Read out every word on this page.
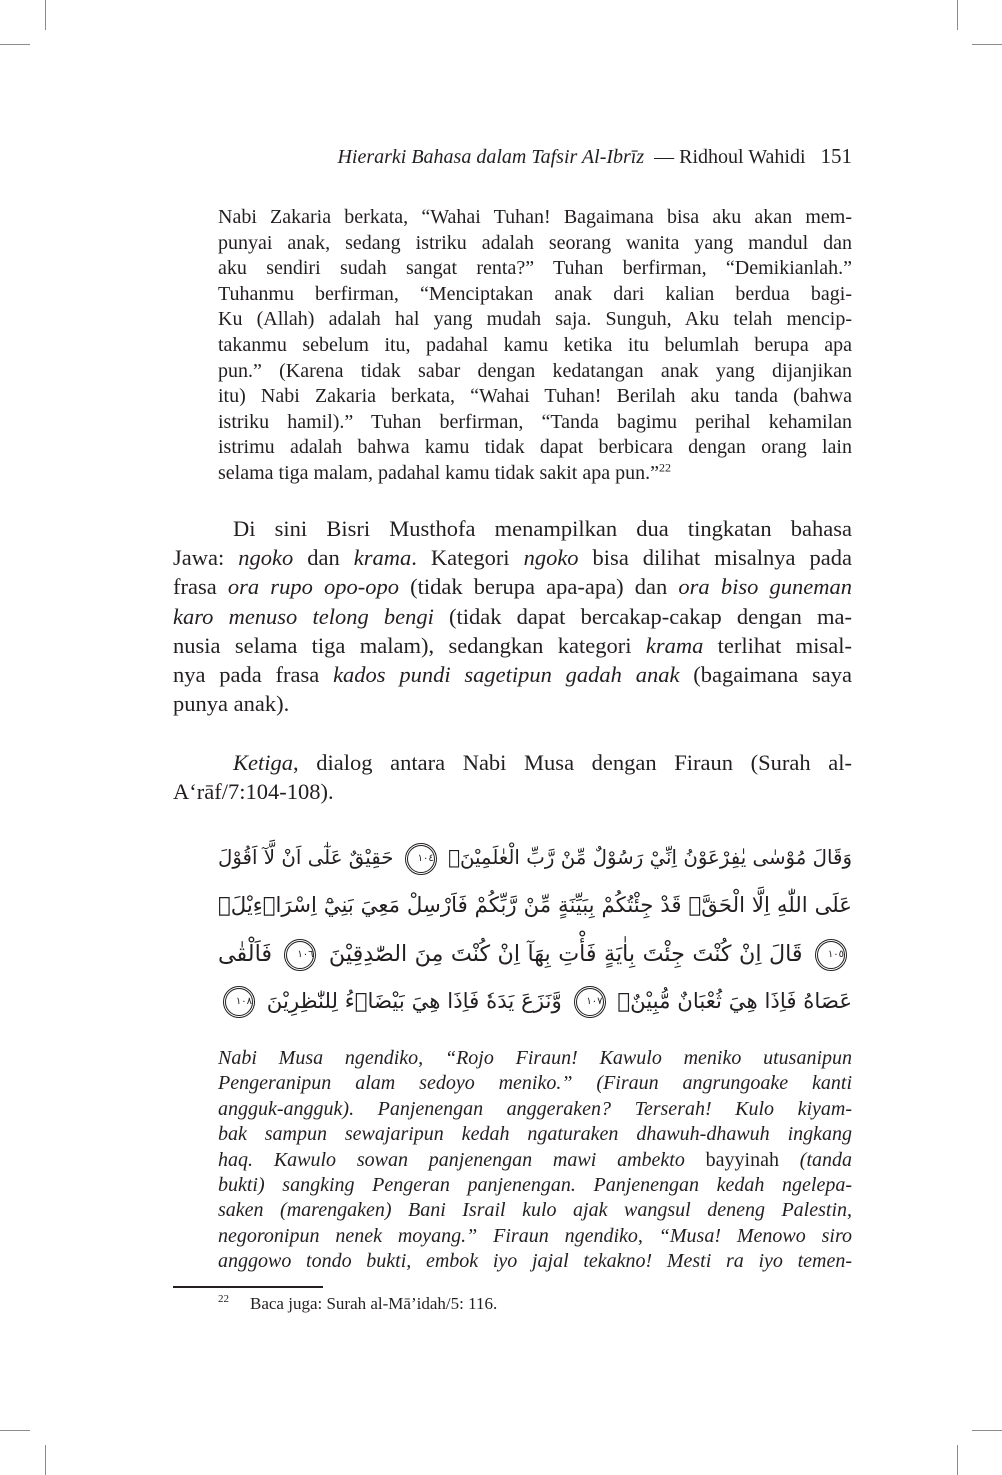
Hierarki Bahasa dalam Tafsir Al-Ibrīz — Ridhoul Wahidi 151
Nabi Zakaria berkata, “Wahai Tuhan! Bagaimana bisa aku akan mem-
punyai anak, sedang istriku adalah seorang wanita yang mandul dan
aku sendiri sudah sangat renta?” Tuhan berfirman, “Demikianlah.”
Tuhanmu berfirman, “Menciptakan anak dari kalian berdua bagi-
Ku (Allah) adalah hal yang mudah saja. Sunguh, Aku telah mencip-
takanmu sebelum itu, padahal kamu ketika itu belumlah berupa apa
pun.” (Karena tidak sabar dengan kedatangan anak yang dijanjikan
itu) Nabi Zakaria berkata, “Wahai Tuhan! Berilah aku tanda (bahwa
istriku hamil).” Tuhan berfirman, “Tanda bagimu perihal kehamilan
istrimu adalah bahwa kamu tidak dapat berbicara dengan orang lain
selama tiga malam, padahal kamu tidak sakit apa pun.”$^{22}$
Di sini Bisri Musthofa menampilkan dua tingkatan bahasa
Jawa: ngoko dan krama. Kategori ngoko bisa dilihat misalnya pada
frasa ora rupo opo-opo (tidak berupa apa-apa) dan ora biso guneman
karo menuso telong bengi (tidak dapat bercakap-cakap dengan ma-
nusia selama tiga malam), sedangkan kategori krama terlihat misal-
nya pada frasa kados pundi sagetipun gadah anak (bagaimana saya
punya anak).
Ketiga, dialog antara Nabi Musa dengan Firaun (Surah al-
A‘rāf/7:104-108).
وَقَالَ مُوْسٰى يٰفِرْعَوْنُ اِنِّيْ رَسُوْلٌ مِّنْ رَّبِّ الْعٰلَمِيْنَۙ ١٠٤ حَقِيْقٌ عَلٰٓى اَنْ لَّآ اَقُوْلَ
عَلَى اللّٰهِ اِلَّا الْحَقَّۗ قَدْ جِئْتُكُمْ بِبَيِّنَةٍ مِّنْ رَّبِّكُمْ فَاَرْسِلْ مَعِيَ بَنِيْٓ اِسْرَاۤءِيْلَۗ
١٠٥ قَالَ اِنْ كُنْتَ جِئْتَ بِاٰيَةٍ فَأْتِ بِهَآ اِنْ كُنْتَ مِنَ الصّٰدِقِيْنَ ١٠٦ فَاَلْقٰى
عَصَاهُ فَاِذَا هِيَ ثُعْبَانٌ مُّبِيْنٌۚ ١٠٧ وَّنَزَعَ يَدَهٗ فَاِذَا هِيَ بَيْضَاۤءُ لِلنّٰظِرِيْنَ ١٠٨
Nabi Musa ngendiko, “Rojo Firaun! Kawulo meniko utusanipun
Pengeranipun alam sedoyo meniko.” (Firaun angrungoake kanti
angguk-angguk). Panjenengan anggeraken? Terserah! Kulo kiyam-
bak sampun sewajaripun kedah ngaturaken dhawuh-dhawuh ingkang
haq. Kawulo sowan panjenengan mawi ambekto bayyinah (tanda
bukti) sangking Pengeran panjenengan. Panjenengan kedah ngelepa-
saken (marengaken) Bani Israil kulo ajak wangsul deneng Palestin,
negoronipun nenek moyang.” Firaun ngendiko, “Musa! Menowo siro
anggowo tondo bukti, embok iyo jajal tekakno! Mesti ra iyo temen-
22 Baca juga: Surah al-Mā’idah/5: 116.
